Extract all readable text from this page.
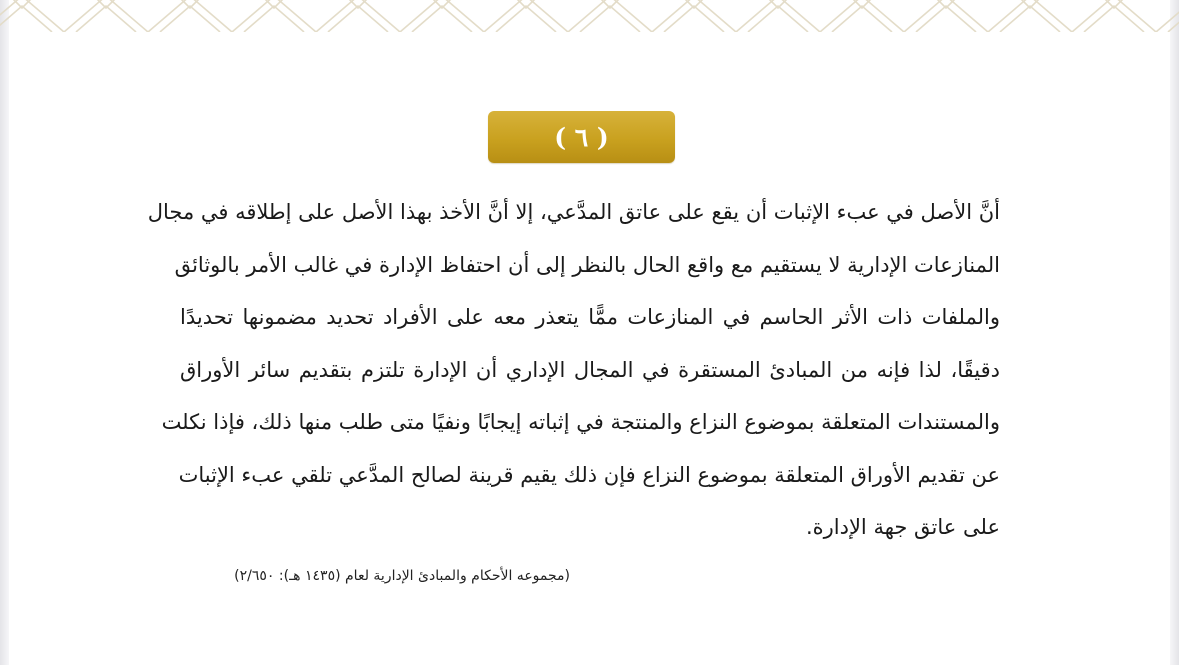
( ٦ )
أنَّ الأصل في عبء الإثبات أن يقع على عاتق المدَّعي، إلا أنَّ الأخذ بهذا الأصل على إطلاقه في مجال
المنازعات الإدارية لا يستقيم مع واقع الحال بالنظر إلى أن احتفاظ الإدارة في غالب الأمر بالوثائق
والملفات ذات الأثر الحاسم في المنازعات ممًّا يتعذر معه على الأفراد تحديد مضمونها تحديدًا
دقيقًا، لذا فإنه من المبادئ المستقرة في المجال الإداري أن الإدارة تلتزم بتقديم سائر الأوراق
والمستندات المتعلقة بموضوع النزاع والمنتجة في إثباته إيجابًا ونفيًا متى طلب منها ذلك، فإذا نكلت
عن تقديم الأوراق المتعلقة بموضوع النزاع فإن ذلك يقيم قرينة لصالح المدَّعي تلقي عبء الإثبات
على عاتق جهة الإدارة.
(مجموعه الأحكام والمبادئ الإدارية لعام (١٤٣٥ هـ): ٢/٦٥٠)
